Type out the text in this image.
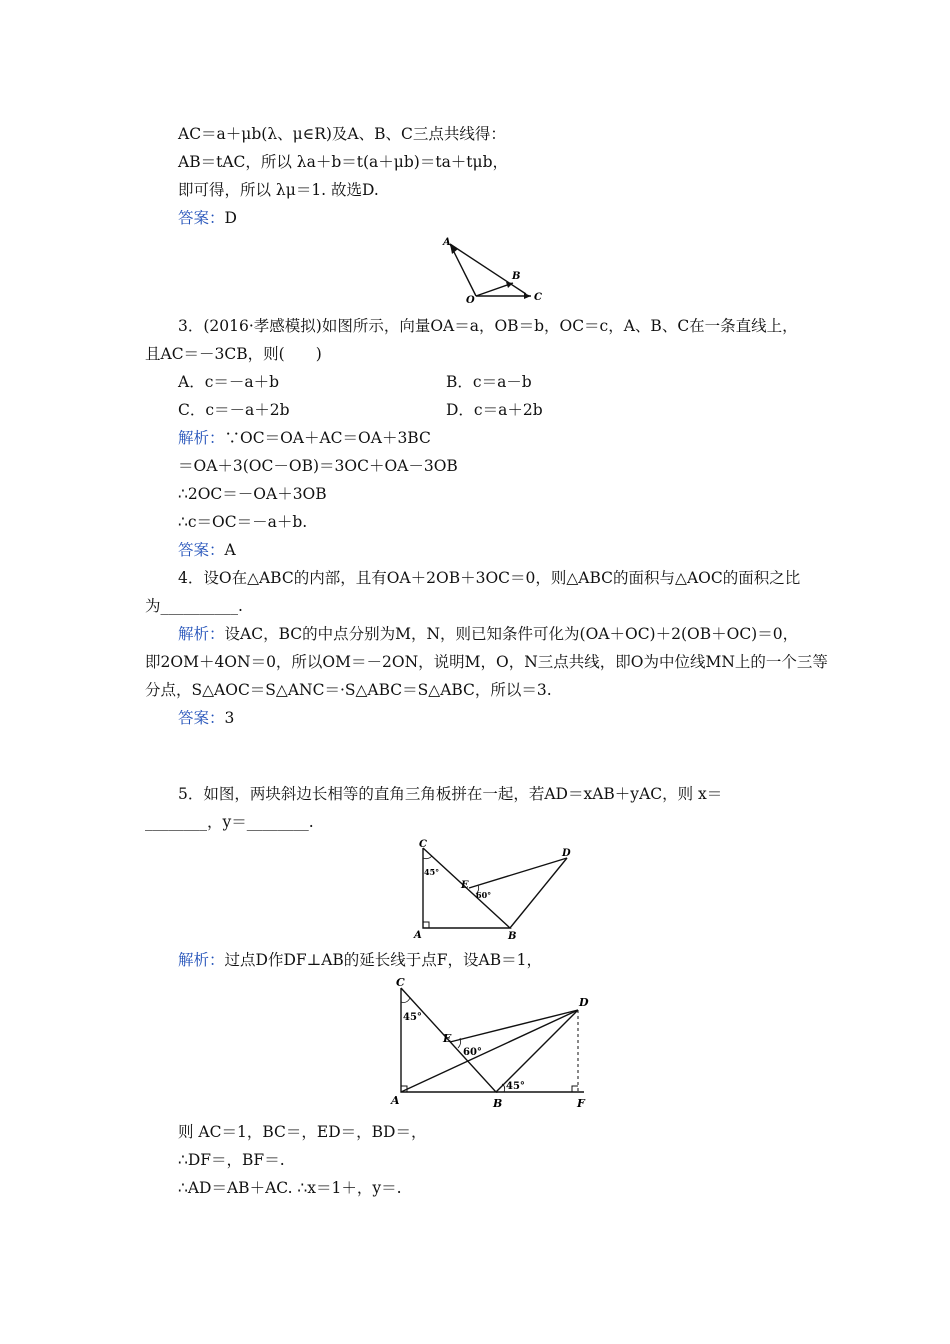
AC＝a＋μb(λ、μ∈R)及A、B、C三点共线得：
AB＝tAC，所以 λa＋b＝t(a＋μb)＝ta＋tμb，
即可得，所以 λμ＝1. 故选D.
答案：D
A
B
O	C
3．(2016·孝感模拟)如图所示，向量OA＝a，OB＝b，OC＝c，A、B、C在一条直线上，
且AC＝－3CB，则(　　)
A．c＝－a＋b	B．c＝a－b
C．c＝－a＋2b	D．c＝a＋2b
解析：∵OC＝OA＋AC＝OA＋3BC
＝OA＋3(OC－OB)＝3OC＋OA－3OB
∴2OC＝－OA＋3OB
∴c＝OC＝－a＋b.
答案：A
4．设O在△ABC的内部，且有OA＋2OB＋3OC＝0，则△ABC的面积与△AOC的面积之比
为__________.
解析：设AC，BC的中点分别为M，N，则已知条件可化为(OA＋OC)＋2(OB＋OC)＝0，
即2OM＋4ON＝0，所以OM＝－2ON，说明M，O，N三点共线，即O为中位线MN上的一个三等
分点，S△AOC＝S△ANC＝·S△ABC＝S△ABC，所以＝3.
答案：3
5．如图，两块斜边长相等的直角三角板拼在一起，若AD＝xAB＋yAC，则 x＝
________，y＝________.
C
D
E
A	B
45°
60°
解析：过点D作DF⊥AB的延长线于点F，设AB＝1，
C
D
E
A	B	F
45°
60°
45°
则 AC＝1，BC＝，ED＝，BD＝，
∴DF＝，BF＝.
∴AD＝AB＋AC. ∴x＝1＋，y＝.
